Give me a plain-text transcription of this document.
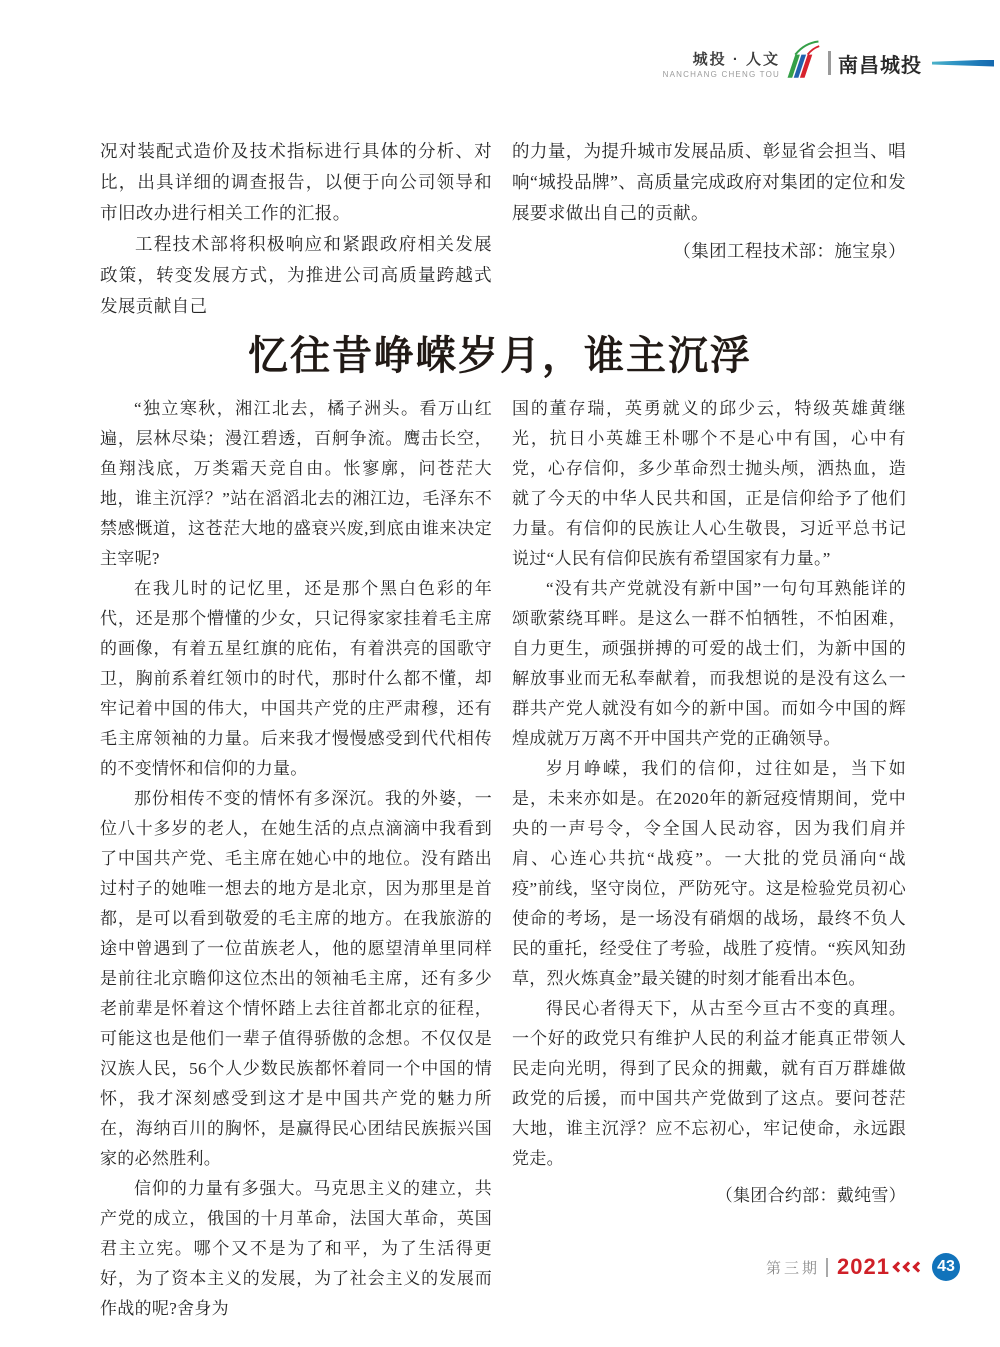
城投 · 人文
NANCHANG CHENG TOU	南昌城投

况对装配式造价及技术指标进行具体的分析、对比，出具详细的调查报告，以便于向公司领导和市旧改办进行相关工作的汇报。

工程技术部将积极响应和紧跟政府相关发展政策，转变发展方式，为推进公司高质量跨越式发展贡献自己

的力量，为提升城市发展品质、彰显省会担当、唱响“城投品牌”、高质量完成政府对集团的定位和发展要求做出自己的贡献。

（集团工程技术部：施宝泉）

忆往昔峥嵘岁月，谁主沉浮

“独立寒秋，湘江北去，橘子洲头。看万山红遍，层林尽染；漫江碧透，百舸争流。鹰击长空，鱼翔浅底，万类霜天竞自由。怅寥廓，问苍茫大地，谁主沉浮？”站在滔滔北去的湘江边，毛泽东不禁感慨道，这苍茫大地的盛衰兴废,到底由谁来决定主宰呢?

在我儿时的记忆里，还是那个黑白色彩的年代，还是那个懵懂的少女，只记得家家挂着毛主席的画像，有着五星红旗的庇佑，有着洪亮的国歌守卫，胸前系着红领巾的时代，那时什么都不懂，却牢记着中国的伟大，中国共产党的庄严肃穆，还有毛主席领袖的力量。后来我才慢慢感受到代代相传的不变情怀和信仰的力量。

那份相传不变的情怀有多深沉。我的外婆，一位八十多岁的老人，在她生活的点点滴滴中我看到了中国共产党、毛主席在她心中的地位。没有踏出过村子的她唯一想去的地方是北京，因为那里是首都，是可以看到敬爱的毛主席的地方。在我旅游的途中曾遇到了一位苗族老人，他的愿望清单里同样是前往北京瞻仰这位杰出的领袖毛主席，还有多少老前辈是怀着这个情怀踏上去往首都北京的征程，可能这也是他们一辈子值得骄傲的念想。不仅仅是汉族人民，56个人少数民族都怀着同一个中国的情怀，我才深刻感受到这才是中国共产党的魅力所在，海纳百川的胸怀，是赢得民心团结民族振兴国家的必然胜利。

信仰的力量有多强大。马克思主义的建立，共产党的成立，俄国的十月革命，法国大革命，英国君主立宪。哪个又不是为了和平，为了生活得更好，为了资本主义的发展，为了社会主义的发展而作战的呢?舍身为

国的董存瑞，英勇就义的邱少云，特级英雄黄继光，抗日小英雄王朴哪个不是心中有国，心中有党，心存信仰，多少革命烈士抛头颅，洒热血，造就了今天的中华人民共和国，正是信仰给予了他们力量。有信仰的民族让人心生敬畏，习近平总书记说过“人民有信仰民族有希望国家有力量。”

“没有共产党就没有新中国”一句句耳熟能详的颂歌萦绕耳畔。是这么一群不怕牺牲，不怕困难，自力更生，顽强拼搏的可爱的战士们，为新中国的解放事业而无私奉献着，而我想说的是没有这么一群共产党人就没有如今的新中国。而如今中国的辉煌成就万万离不开中国共产党的正确领导。

岁月峥嵘，我们的信仰，过往如是，当下如是，未来亦如是。在2020年的新冠疫情期间，党中央的一声号令，令全国人民动容，因为我们肩并肩、心连心共抗“战疫”。一大批的党员涌向“战疫”前线，坚守岗位，严防死守。这是检验党员初心使命的考场，是一场没有硝烟的战场，最终不负人民的重托，经受住了考验，战胜了疫情。“疾风知劲草，烈火炼真金”最关键的时刻才能看出本色。

得民心者得天下，从古至今亘古不变的真理。一个好的政党只有维护人民的利益才能真正带领人民走向光明，得到了民众的拥戴，就有百万群雄做政党的后援，而中国共产党做到了这点。要问苍茫大地，谁主沉浮？应不忘初心，牢记使命，永远跟党走。

（集团合约部：戴纯雪）

第三期 2021	43
